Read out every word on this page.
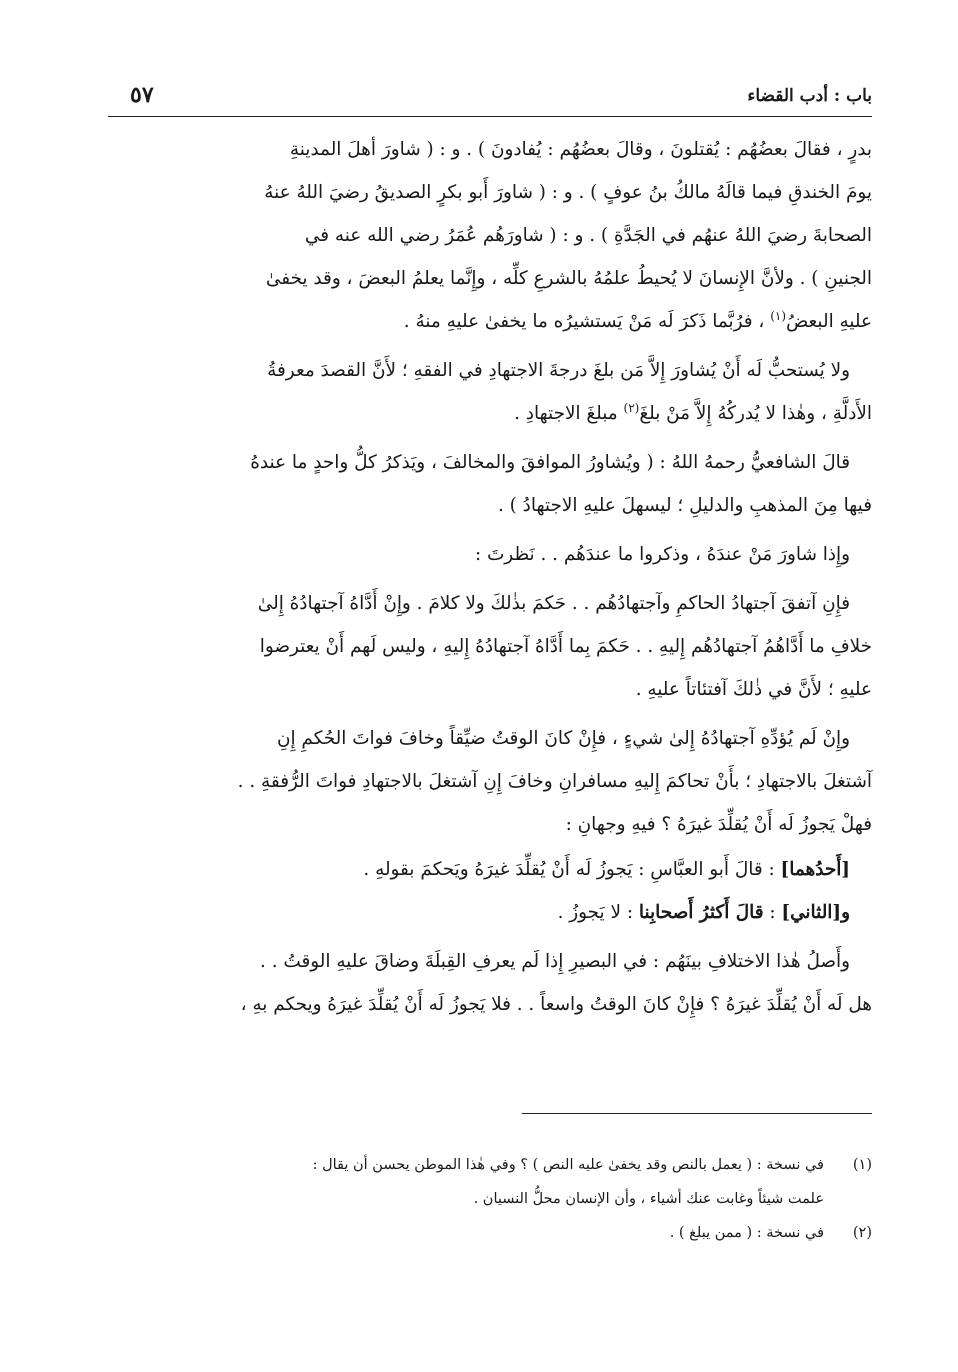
باب : أدب القضاء
٥٧

بدرٍ ، فقالَ بعضُهُم : يُقتلونَ ، وقالَ بعضُهُم : يُفادونَ ) . و : ( شاورَ أهلَ المدينةِ
يومَ الخندقِ فيما قالَهُ مالكُ بنُ عوفٍ ) . و : ( شاورَ أَبو بكرٍ الصديقُ رضيَ اللهُ عنهُ
الصحابةَ رضيَ اللهُ عنهُم في الجَدَّةِ ) . و : ( شاورَهُم عُمَرُ رضي الله عنه في
الجنينِ ) . ولأنَّ الإِنسانَ لا يُحيطُ علمُهُ بالشرعِ كلِّه ، وإِنَّما يعلمُ البعضَ ، وقد يخفىٰ
عليهِ البعضُ$^{(١)}$ ، فرُبَّما ذَكرَ لَه مَنْ يَستشيرُه ما يخفىٰ عليهِ منهُ .

ولا يُستحبُّ لَه أَنْ يُشاورَ إِلاَّ مَن بلغَ درجةَ الاجتهادِ في الفقهِ ؛ لأَنَّ القصدَ معرفةُ
الأَدلَّةِ ، وهٰذا لا يُدركُهُ إِلاَّ مَنْ بلغَ$^{(٢)}$ مبلغَ الاجتهادِ .

قالَ الشافعيُّ رحمهُ اللهُ : ( ويُشاورُ الموافقَ والمخالفَ ، ويَذكرُ كلُّ واحدٍ ما عندهُ
فيها مِنَ المذهبِ والدليلِ ؛ ليسهلَ عليهِ الاجتهادُ ) .

وإِذا شاورَ مَنْ عندَهُ ، وذكروا ما عندَهُم . . نَظرتَ :

فإِنِ آتفقَ آجتهادُ الحاكمِ وآجتهادُهُم . . حَكمَ بذٰلكَ ولا كلامَ . وإِنْ أَدَّاهُ آجتهادُهُ إِلىٰ
خلافِ ما أَدَّاهُمُ آجتهادُهُم إِليهِ . . حَكمَ بِما أَدَّاهُ آجتهادُهُ إِليهِ ، وليس لَهم أَنْ يعترضوا
عليهِ ؛ لأَنَّ في ذٰلكَ آفتئاتاً عليهِ .

وإِنْ لَم يُؤدِّهِ آجتهادُهُ إِلىٰ شيءٍ ، فإِنْ كانَ الوقتُ ضيِّقاً وخافَ فواتَ الحُكمِ إِنِ
آشتغلَ بالاجتهادِ ؛ بأَنْ تحاكمَ إِليهِ مسافرانِ وخافَ إِنِ آشتغلَ بالاجتهادِ فواتَ الرُّفقةِ . .
فهلْ يَجوزُ لَه أَنْ يُقلِّدَ غيرَهُ ؟ فيهِ وجهانِ :

[أَحدُهما] : قالَ أَبو العبَّاسِ : يَجوزُ لَه أَنْ يُقلِّدَ غيرَهُ ويَحكمَ بقولهِ .

و[الثاني] : قالَ أَكثرُ أَصحابِنا : لا يَجوزُ .

وأَصلُ هٰذا الاختلافِ بينَهُم : في البصيرِ إِذا لَم يعرفِ القِبلَةَ وضاقَ عليهِ الوقتُ . .
هل لَه أَنْ يُقلِّدَ غيرَهُ ؟ فإِنْ كانَ الوقتُ واسعاً . . فلا يَجوزُ لَه أَنْ يُقلِّدَ غيرَهُ ويحكم بهِ ،

(١)
في نسخة : ( يعمل بالنص وقد يخفىٰ عليه النص ) ؟ وفي هٰذا الموطن يحسن أن يقال :
علمت شيئاً وغابت عنك أشياء ، وأن الإنسان محلُّ النسيان .
(٢)
في نسخة : ( ممن يبلغ ) .
